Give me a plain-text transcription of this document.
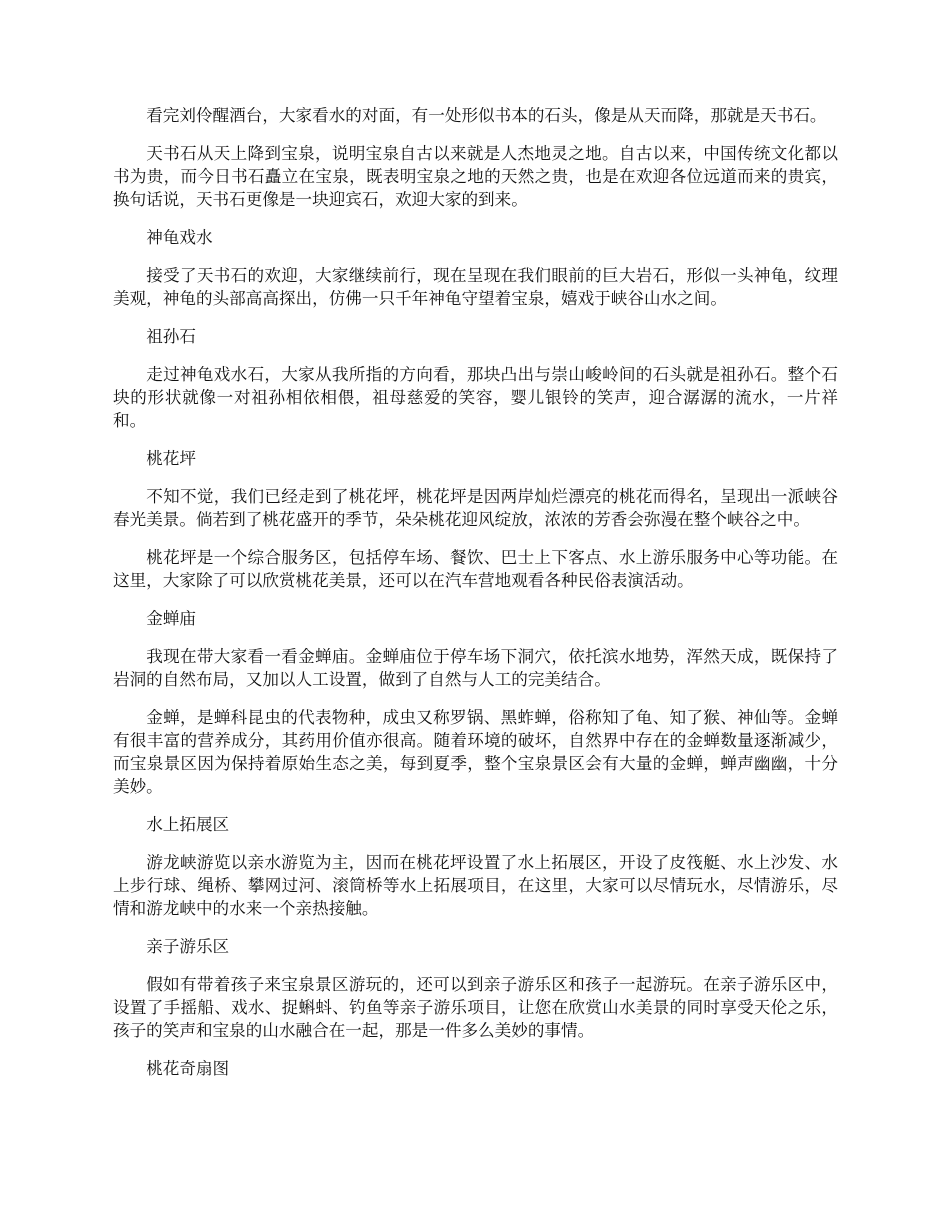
看完刘伶醒酒台，大家看水的对面，有一处形似书本的石头，像是从天而降，那就是天书石。

天书石从天上降到宝泉，说明宝泉自古以来就是人杰地灵之地。自古以来，中国传统文化都以书为贵，而今日书石矗立在宝泉，既表明宝泉之地的天然之贵，也是在欢迎各位远道而来的贵宾，换句话说，天书石更像是一块迎宾石，欢迎大家的到来。

神龟戏水

接受了天书石的欢迎，大家继续前行，现在呈现在我们眼前的巨大岩石，形似一头神龟，纹理美观，神龟的头部高高探出，仿佛一只千年神龟守望着宝泉，嬉戏于峡谷山水之间。

祖孙石

走过神龟戏水石，大家从我所指的方向看，那块凸出与崇山峻岭间的石头就是祖孙石。整个石块的形状就像一对祖孙相依相偎，祖母慈爱的笑容，婴儿银铃的笑声，迎合潺潺的流水，一片祥和。

桃花坪

不知不觉，我们已经走到了桃花坪，桃花坪是因两岸灿烂漂亮的桃花而得名，呈现出一派峡谷春光美景。倘若到了桃花盛开的季节，朵朵桃花迎风绽放，浓浓的芳香会弥漫在整个峡谷之中。

桃花坪是一个综合服务区，包括停车场、餐饮、巴士上下客点、水上游乐服务中心等功能。在这里，大家除了可以欣赏桃花美景，还可以在汽车营地观看各种民俗表演活动。

金蝉庙

我现在带大家看一看金蝉庙。金蝉庙位于停车场下洞穴，依托滨水地势，浑然天成，既保持了岩洞的自然布局，又加以人工设置，做到了自然与人工的完美结合。

金蝉，是蝉科昆虫的代表物种，成虫又称罗锅、黑蚱蝉，俗称知了龟、知了猴、神仙等。金蝉有很丰富的营养成分，其药用价值亦很高。随着环境的破坏，自然界中存在的金蝉数量逐渐减少，而宝泉景区因为保持着原始生态之美，每到夏季，整个宝泉景区会有大量的金蝉，蝉声幽幽，十分美妙。

水上拓展区

游龙峡游览以亲水游览为主，因而在桃花坪设置了水上拓展区，开设了皮筏艇、水上沙发、水上步行球、绳桥、攀网过河、滚筒桥等水上拓展项目，在这里，大家可以尽情玩水，尽情游乐，尽情和游龙峡中的水来一个亲热接触。

亲子游乐区

假如有带着孩子来宝泉景区游玩的，还可以到亲子游乐区和孩子一起游玩。在亲子游乐区中，设置了手摇船、戏水、捉蝌蚪、钓鱼等亲子游乐项目，让您在欣赏山水美景的同时享受天伦之乐，孩子的笑声和宝泉的山水融合在一起，那是一件多么美妙的事情。

桃花奇扇图
